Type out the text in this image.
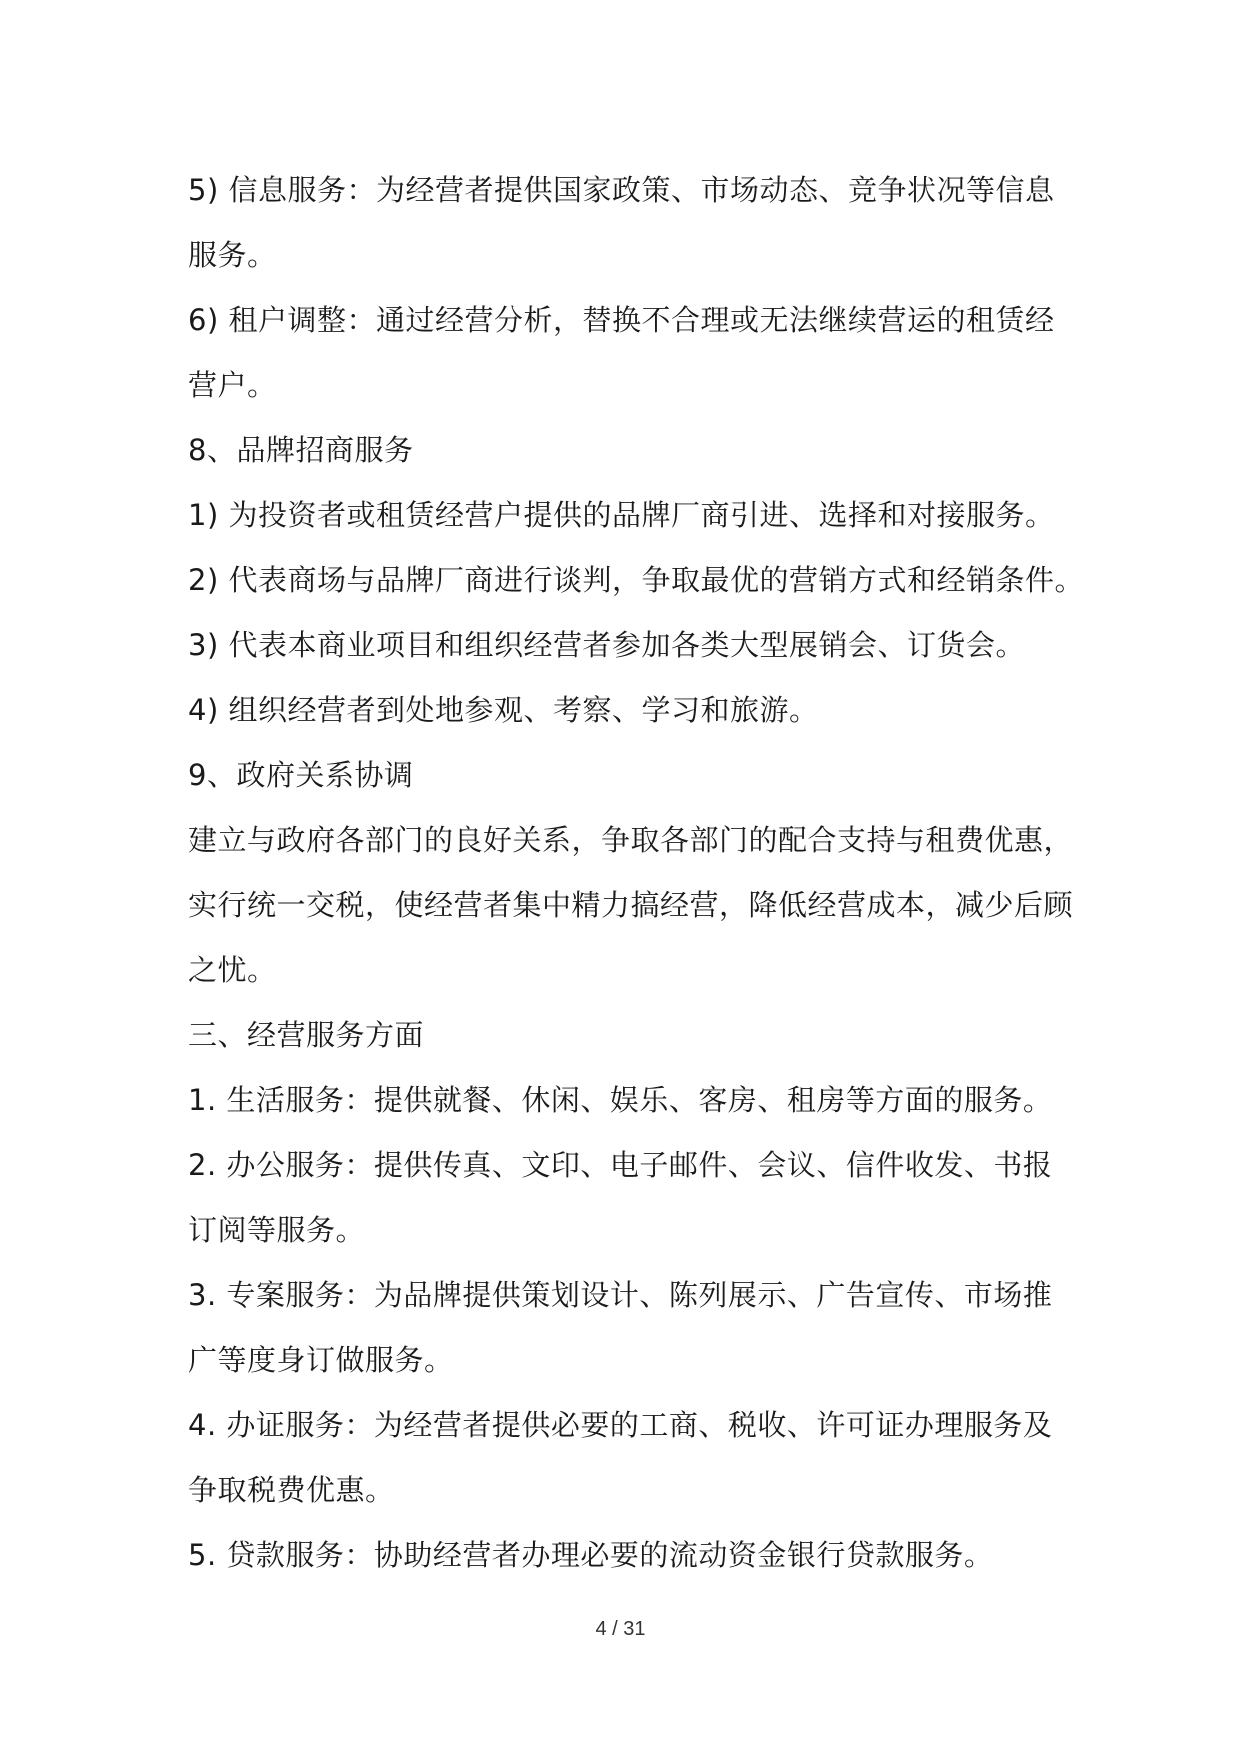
5) 信息服务：为经营者提供国家政策、市场动态、竞争状况等信息
服务。
6) 租户调整：通过经营分析，替换不合理或无法继续营运的租赁经
营户。
8、品牌招商服务
1) 为投资者或租赁经营户提供的品牌厂商引进、选择和对接服务。
2) 代表商场与品牌厂商进行谈判，争取最优的营销方式和经销条件。
3) 代表本商业项目和组织经营者参加各类大型展销会、订货会。
4) 组织经营者到处地参观、考察、学习和旅游。
9、政府关系协调
建立与政府各部门的良好关系，争取各部门的配合支持与租费优惠，
实行统一交税，使经营者集中精力搞经营，降低经营成本，减少后顾
之忧。
三、经营服务方面
1. 生活服务：提供就餐、休闲、娱乐、客房、租房等方面的服务。
2. 办公服务：提供传真、文印、电子邮件、会议、信件收发、书报
订阅等服务。
3. 专案服务：为品牌提供策划设计、陈列展示、广告宣传、市场推
广等度身订做服务。
4. 办证服务：为经营者提供必要的工商、税收、许可证办理服务及
争取税费优惠。
5. 贷款服务：协助经营者办理必要的流动资金银行贷款服务。
4 / 31
